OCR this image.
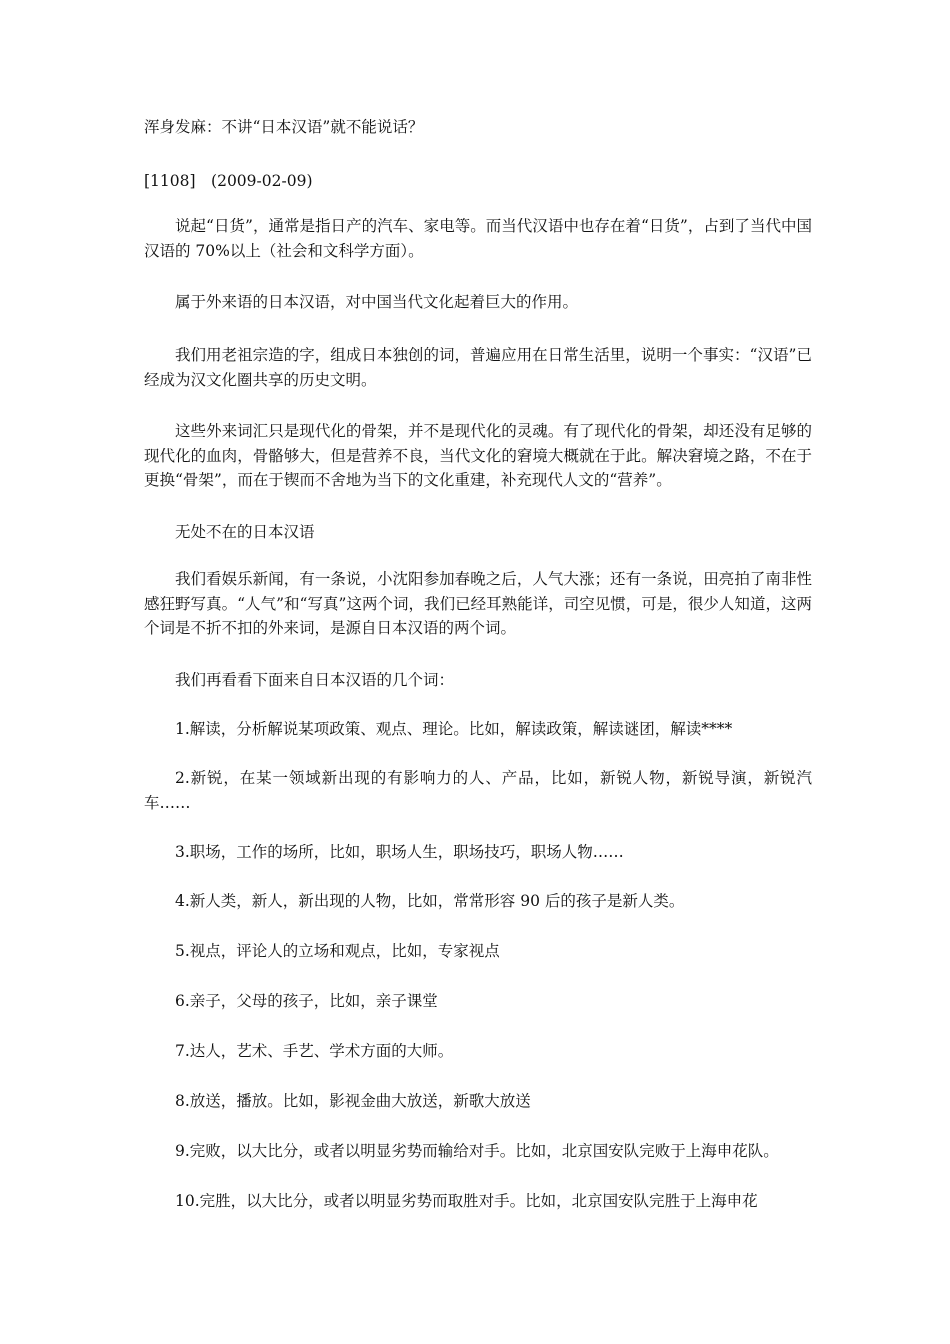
浑身发麻：不讲“日本汉语”就不能说话？
[1108]　(2009-02-09)
说起“日货”，通常是指日产的汽车、家电等。而当代汉语中也存在着“日货”，占到了当代中国汉语的 70%以上（社会和文科学方面）。
属于外来语的日本汉语，对中国当代文化起着巨大的作用。
我们用老祖宗造的字，组成日本独创的词，普遍应用在日常生活里，说明一个事实：“汉语”已经成为汉文化圈共享的历史文明。
这些外来词汇只是现代化的骨架，并不是现代化的灵魂。有了现代化的骨架，却还没有足够的现代化的血肉，骨骼够大，但是营养不良，当代文化的窘境大概就在于此。解决窘境之路，不在于更换“骨架”，而在于锲而不舍地为当下的文化重建，补充现代人文的“营养”。
无处不在的日本汉语
我们看娱乐新闻，有一条说，小沈阳参加春晚之后，人气大涨；还有一条说，田亮拍了南非性感狂野写真。“人气”和“写真”这两个词，我们已经耳熟能详，司空见惯，可是，很少人知道，这两个词是不折不扣的外来词，是源自日本汉语的两个词。
我们再看看下面来自日本汉语的几个词：
1.解读，分析解说某项政策、观点、理论。比如，解读政策，解读谜团，解读****
2.新锐，在某一领域新出现的有影响力的人、产品，比如，新锐人物，新锐导演，新锐汽车……
3.职场，工作的场所，比如，职场人生，职场技巧，职场人物……
4.新人类，新人，新出现的人物，比如，常常形容 90 后的孩子是新人类。
5.视点，评论人的立场和观点，比如，专家视点
6.亲子，父母的孩子，比如，亲子课堂
7.达人，艺术、手艺、学术方面的大师。
8.放送，播放。比如，影视金曲大放送，新歌大放送
9.完败，以大比分，或者以明显劣势而输给对手。比如，北京国安队完败于上海申花队。
10.完胜，以大比分，或者以明显劣势而取胜对手。比如，北京国安队完胜于上海申花
